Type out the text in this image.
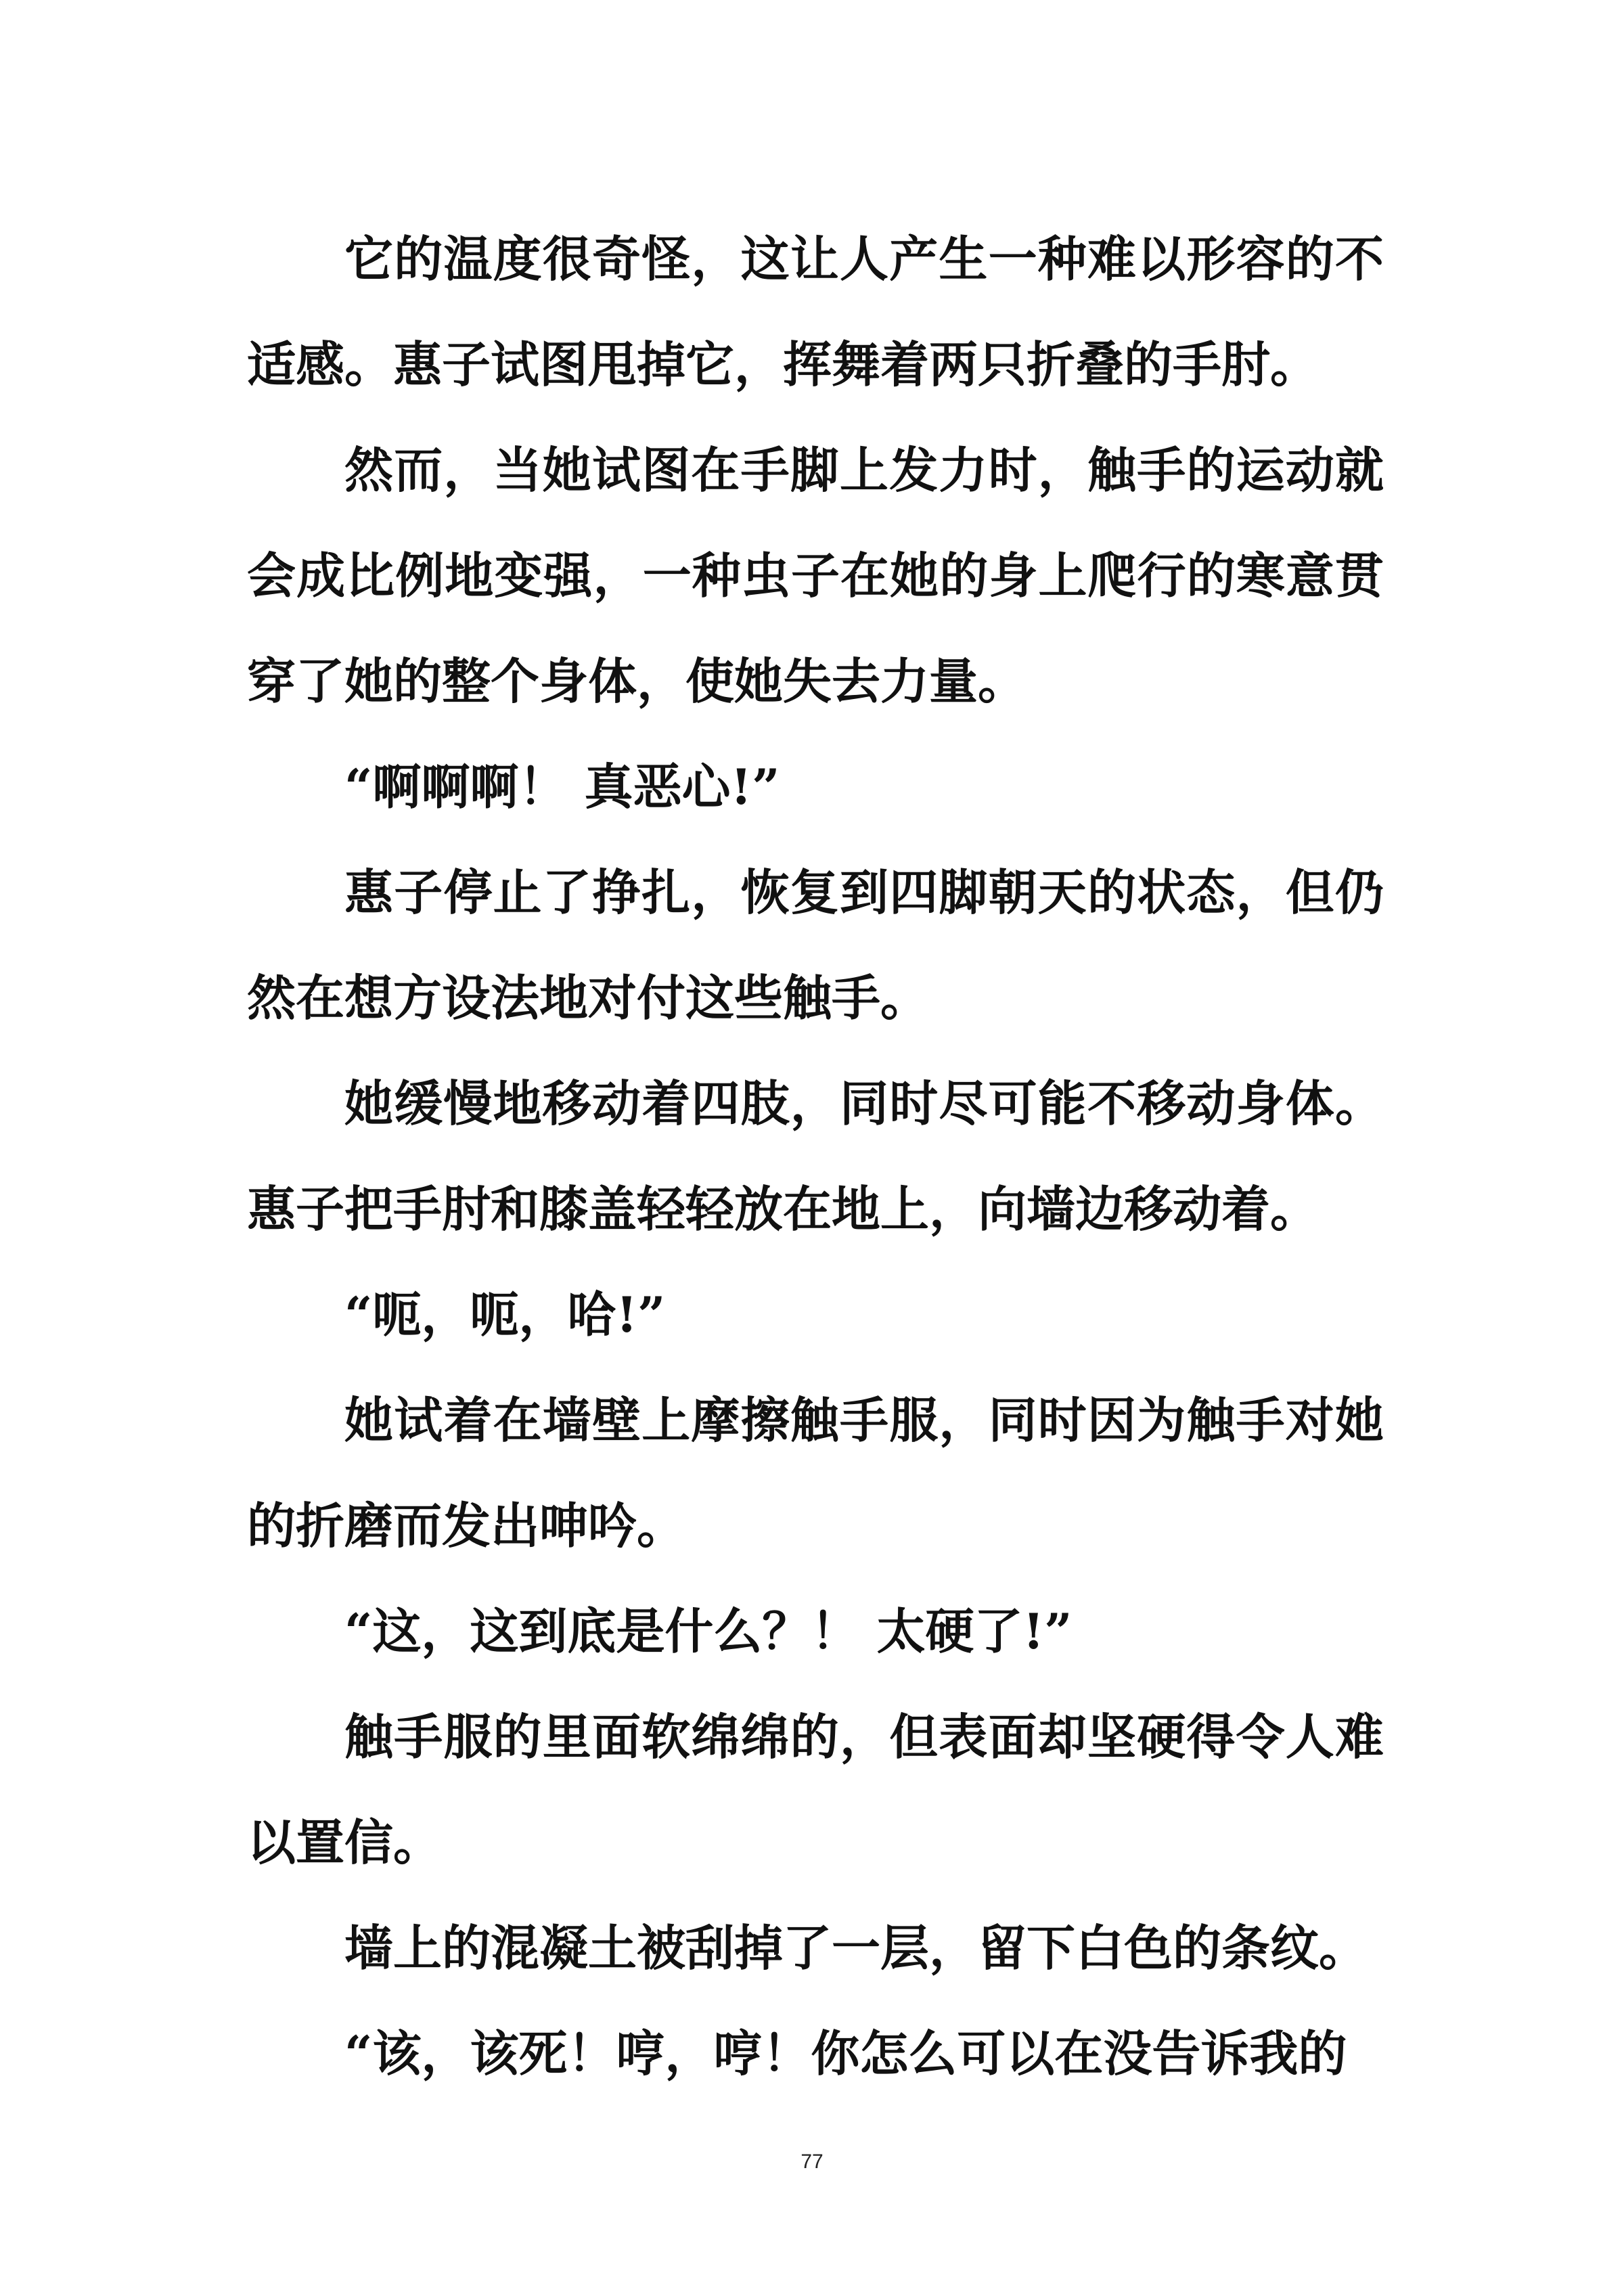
它的温度很奇怪，这让人产生一种难以形容的不适感。惠子试图甩掉它，挥舞着两只折叠的手肘。

然而，当她试图在手脚上发力时，触手的运动就会成比例地变强，一种虫子在她的身上爬行的寒意贯穿了她的整个身体，使她失去力量。

“啊啊啊！ 真恶心!”

惠子停止了挣扎，恢复到四脚朝天的状态，但仍然在想方设法地对付这些触手。

她缓慢地移动着四肢，同时尽可能不移动身体。惠子把手肘和膝盖轻轻放在地上，向墙边移动着。

“呃，呃，哈!”

她试着在墙壁上摩擦触手服，同时因为触手对她的折磨而发出呻吟。

“这，这到底是什么？！ 太硬了!”

触手服的里面软绵绵的，但表面却坚硬得令人难以置信。

墙上的混凝土被刮掉了一层，留下白色的条纹。

“该，该死！哼，哼！你怎么可以在没告诉我的

77
